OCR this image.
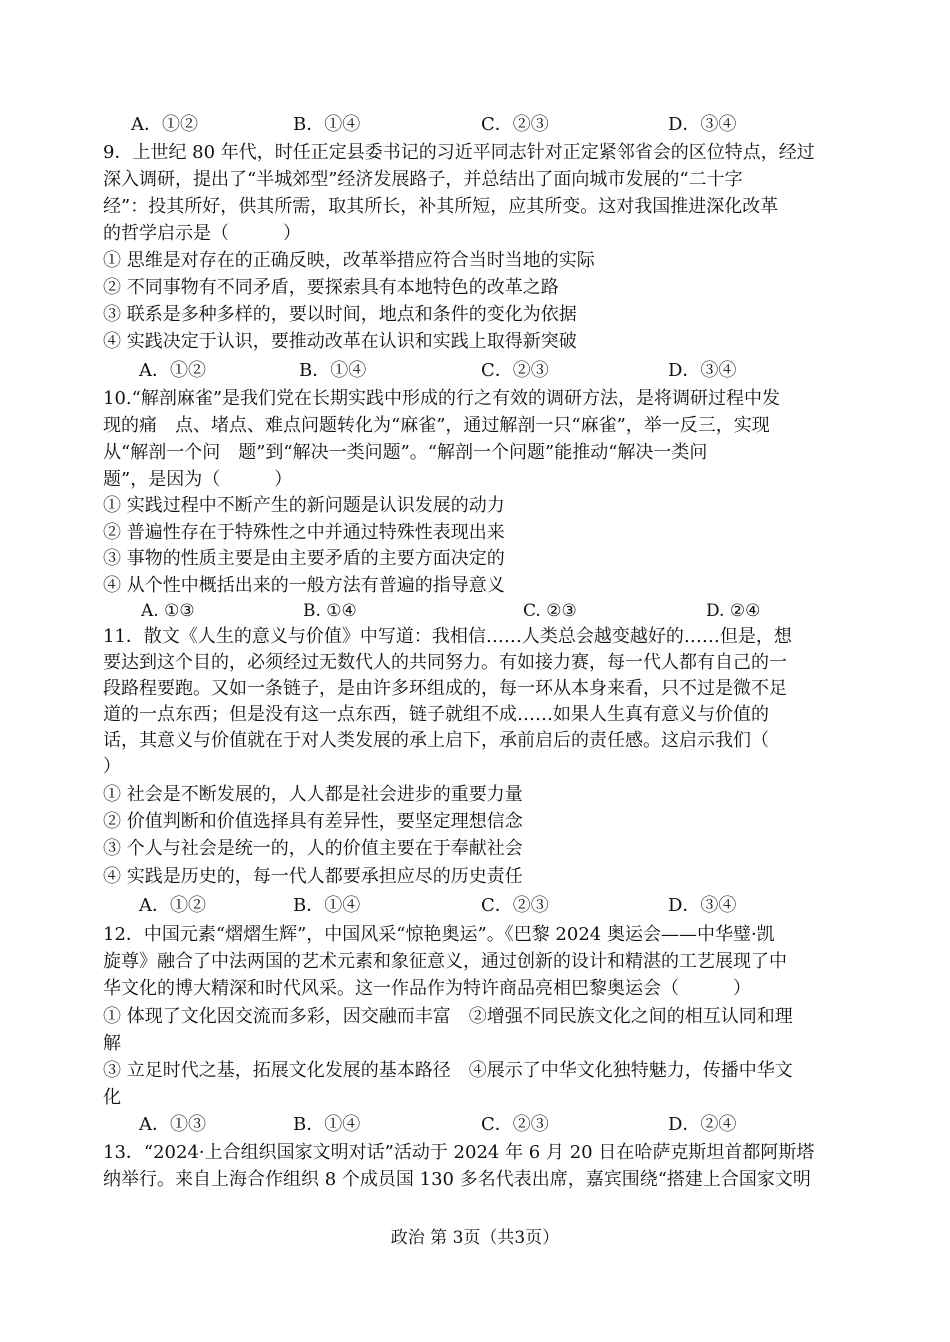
A．①②	B．①④	C．②③	D．③④
9．上世纪 80 年代，时任正定县委书记的习近平同志针对正定紧邻省会的区位特点，经过
深入调研，提出了“半城郊型”经济发展路子，并总结出了面向城市发展的“二十字
经”：投其所好，供其所需，取其所长，补其所短，应其所变。这对我国推进深化改革
的哲学启示是（　　　）
① 思维是对存在的正确反映，改革举措应符合当时当地的实际
② 不同事物有不同矛盾，要探索具有本地特色的改革之路
③ 联系是多种多样的，要以时间，地点和条件的变化为依据
④ 实践决定于认识，要推动改革在认识和实践上取得新突破
A．①②	B．①④	C．②③	D．③④
10.“解剖麻雀”是我们党在长期实践中形成的行之有效的调研方法，是将调研过程中发
现的痛　点、堵点、难点问题转化为“麻雀”，通过解剖一只“麻雀”，举一反三，实现
从“解剖一个问　题”到“解决一类问题”。“解剖一个问题”能推动“解决一类问
题”，是因为（　　　）
① 实践过程中不断产生的新问题是认识发展的动力
② 普遍性存在于特殊性之中并通过特殊性表现出来
③ 事物的性质主要是由主要矛盾的主要方面决定的
④ 从个性中概括出来的一般方法有普遍的指导意义
A. ①③	B. ①④	C. ②③	D. ②④
11．散文《人生的意义与价值》中写道：我相信……人类总会越变越好的……但是，想
要达到这个目的，必须经过无数代人的共同努力。有如接力赛，每一代人都有自己的一
段路程要跑。又如一条链子，是由许多环组成的，每一环从本身来看，只不过是微不足
道的一点东西；但是没有这一点东西，链子就组不成……如果人生真有意义与价值的
话，其意义与价值就在于对人类发展的承上启下，承前启后的责任感。这启示我们（
）
① 社会是不断发展的，人人都是社会进步的重要力量
② 价值判断和价值选择具有差异性，要坚定理想信念
③ 个人与社会是统一的，人的价值主要在于奉献社会
④ 实践是历史的，每一代人都要承担应尽的历史责任
A．①②	B．①④	C．②③	D．③④
12．中国元素“熠熠生辉”，中国风采“惊艳奥运”。《巴黎 2024 奥运会——中华璧·凯
旋尊》融合了中法两国的艺术元素和象征意义，通过创新的设计和精湛的工艺展现了中
华文化的博大精深和时代风采。这一作品作为特许商品亮相巴黎奥运会（　　　）
① 体现了文化因交流而多彩，因交融而丰富　②增强不同民族文化之间的相互认同和理
解
③ 立足时代之基，拓展文化发展的基本路径　④展示了中华文化独特魅力，传播中华文
化
A．①③	B．①④	C．②③	D．②④
13．“2024·上合组织国家文明对话”活动于 2024 年 6 月 20 日在哈萨克斯坦首都阿斯塔
纳举行。来自上海合作组织 8 个成员国 130 多名代表出席，嘉宾围绕“搭建上合国家文明
政治 第 3页（共3页）
